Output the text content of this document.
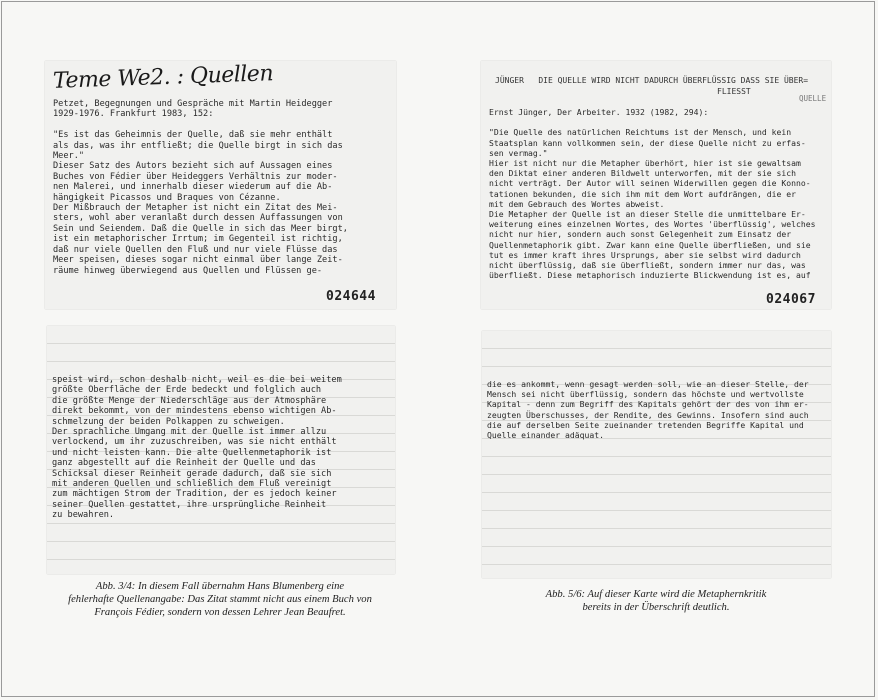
Teme We2. : Quellen
Petzet, Begegnungen und Gespräche mit Martin Heidegger
1929-1976. Frankfurt 1983, 152:

"Es ist das Geheimnis der Quelle, daß sie mehr enthält
als das, was ihr entfließt; die Quelle birgt in sich das
Meer."
Dieser Satz des Autors bezieht sich auf Aussagen eines
Buches von Fédier über Heideggers Verhältnis zur moder-
nen Malerei, und innerhalb dieser wiederum auf die Ab-
hängigkeit Picassos und Braques von Cézanne.
Der Mißbrauch der Metapher ist nicht ein Zitat des Mei-
sters, wohl aber veranlaßt durch dessen Auffassungen von
Sein und Seiendem. Daß die Quelle in sich das Meer birgt,
ist ein metaphorischer Irrtum; im Gegenteil ist richtig,
daß nur viele Quellen den Fluß und nur viele Flüsse das
Meer speisen, dieses sogar nicht einmal über lange Zeit-
räume hinweg überwiegend aus Quellen und Flüssen ge-
024644
JÜNGER   DIE QUELLE WIRD NICHT DADURCH ÜBERFLÜSSIG DASS SIE ÜBER=
FLIESST
QUELLE
Ernst Jünger, Der Arbeiter. 1932 (1982, 294):

"Die Quelle des natürlichen Reichtums ist der Mensch, und kein
Staatsplan kann vollkommen sein, der diese Quelle nicht zu erfas-
sen vermag."
Hier ist nicht nur die Metapher überhört, hier ist sie gewaltsam
den Diktat einer anderen Bildwelt unterworfen, mit der sie sich
nicht verträgt. Der Autor will seinen Widerwillen gegen die Konno-
tationen bekunden, die sich ihm mit dem Wort aufdrängen, die er
mit dem Gebrauch des Wortes abweist.
Die Metapher der Quelle ist an dieser Stelle die unmittelbare Er-
weiterung eines einzelnen Wortes, des Wortes 'überflüssig', welches
nicht nur hier, sondern auch sonst Gelegenheit zum Einsatz der
Quellenmetaphorik gibt. Zwar kann eine Quelle überfließen, und sie
tut es immer kraft ihres Ursprungs, aber sie selbst wird dadurch
nicht überflüssig, daß sie überfließt, sondern immer nur das, was
überfließt. Diese metaphorisch induzierte Blickwendung ist es, auf
024067
speist wird, schon deshalb nicht, weil es die bei weitem
größte Oberfläche der Erde bedeckt und folglich auch
die größte Menge der Niederschläge aus der Atmosphäre
direkt bekommt, von der mindestens ebenso wichtigen Ab-
schmelzung der beiden Polkappen zu schweigen.
Der sprachliche Umgang mit der Quelle ist immer allzu
verlockend, um ihr zuzuschreiben, was sie nicht enthält
und nicht leisten kann. Die alte Quellenmetaphorik ist
ganz abgestellt auf die Reinheit der Quelle und das
Schicksal dieser Reinheit gerade dadurch, daß sie sich
mit anderen Quellen und schließlich dem Fluß vereinigt
zum mächtigen Strom der Tradition, der es jedoch keiner
seiner Quellen gestattet, ihre ursprüngliche Reinheit
zu bewahren.
die es ankommt, wenn gesagt werden soll, wie an dieser Stelle, der
Mensch sei nicht überflüssig, sondern das höchste und wertvollste
Kapital - denn zum Begriff des Kapitals gehört der des von ihm er-
zeugten Überschusses, der Rendite, des Gewinns. Insofern sind auch
die auf derselben Seite zueinander tretenden Begriffe Kapital und
Quelle einander adäquat.
Abb. 3/4: In diesem Fall übernahm Hans Blumenberg eine
fehlerhafte Quellenangabe: Das Zitat stammt nicht aus einem Buch von
François Fédier, sondern von dessen Lehrer Jean Beaufret.
Abb. 5/6: Auf dieser Karte wird die Metaphernkritik
bereits in der Überschrift deutlich.
